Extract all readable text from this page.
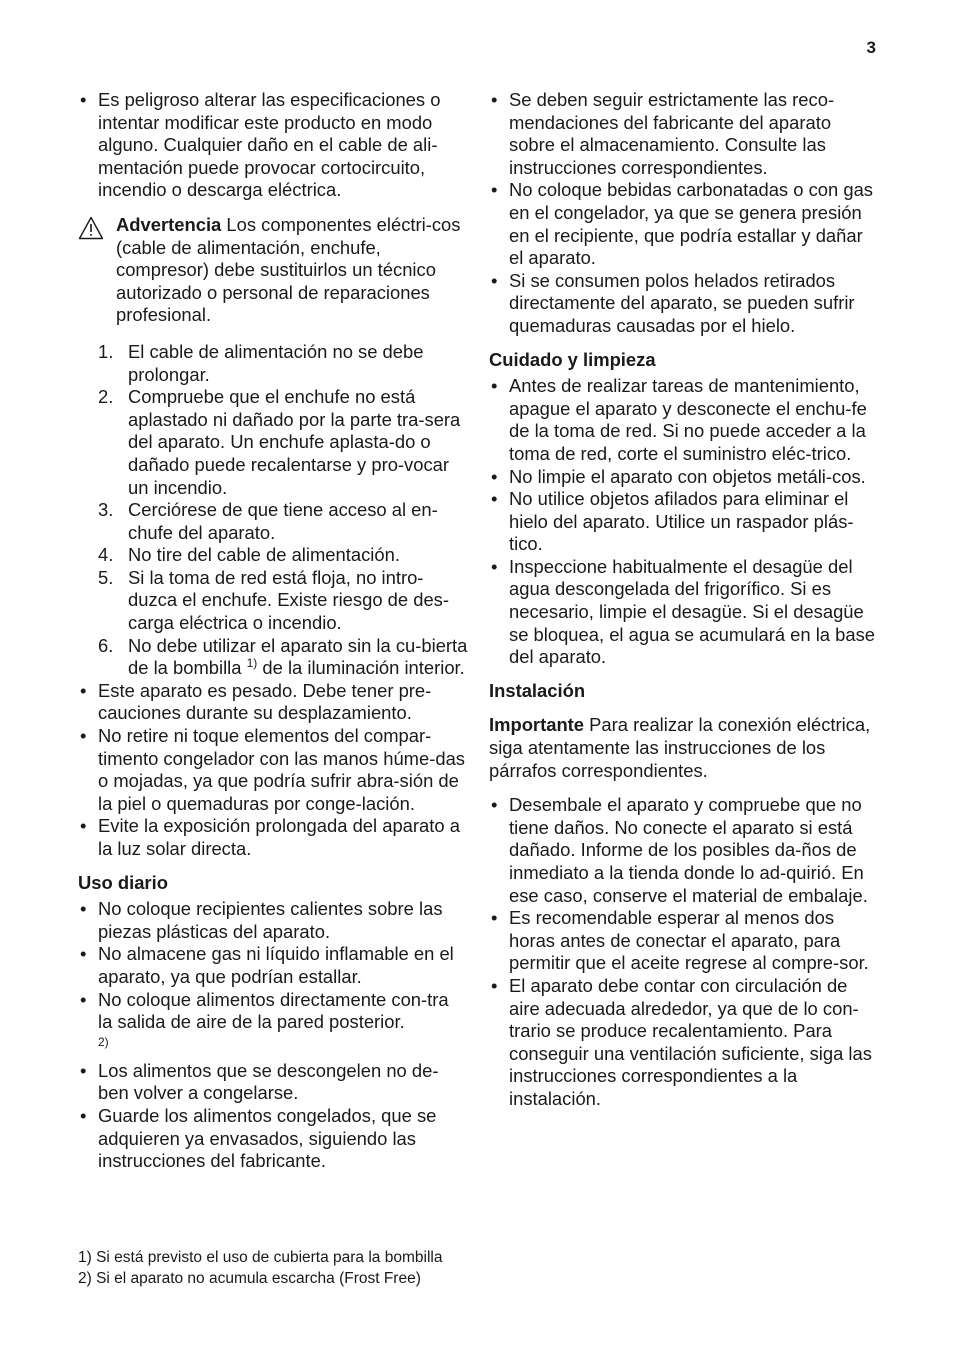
3
• Es peligroso alterar las especificaciones o intentar modificar este producto en modo alguno. Cualquier daño en el cable de ali-mentación puede provocar cortocircuito, incendio o descarga eléctrica.
Advertencia Los componentes eléctri-cos (cable de alimentación, enchufe, compresor) debe sustituirlos un técnico autorizado o personal de reparaciones profesional.
1. El cable de alimentación no se debe prolongar.
2. Compruebe que el enchufe no está aplastado ni dañado por la parte tra-sera del aparato. Un enchufe aplasta-do o dañado puede recalentarse y pro-vocar un incendio.
3. Cerciórese de que tiene acceso al en-chufe del aparato.
4. No tire del cable de alimentación.
5. Si la toma de red está floja, no intro-duzca el enchufe. Existe riesgo de des-carga eléctrica o incendio.
6. No debe utilizar el aparato sin la cu-bierta de la bombilla $^{1)}$ de la iluminación interior.
• Este aparato es pesado. Debe tener pre-cauciones durante su desplazamiento.
• No retire ni toque elementos del compar-timento congelador con las manos húme-das o mojadas, ya que podría sufrir abra-sión de la piel o quemaduras por conge-lación.
• Evite la exposición prolongada del aparato a la luz solar directa.
Uso diario
• No coloque recipientes calientes sobre las piezas plásticas del aparato.
• No almacene gas ni líquido inflamable en el aparato, ya que podrían estallar.
• No coloque alimentos directamente con-tra la salida de aire de la pared posterior.
2)
• Los alimentos que se descongelen no de-ben volver a congelarse.
• Guarde los alimentos congelados, que se adquieren ya envasados, siguiendo las instrucciones del fabricante.
• Se deben seguir estrictamente las reco-mendaciones del fabricante del aparato sobre el almacenamiento. Consulte las instrucciones correspondientes.
• No coloque bebidas carbonatadas o con gas en el congelador, ya que se genera presión en el recipiente, que podría estallar y dañar el aparato.
• Si se consumen polos helados retirados directamente del aparato, se pueden sufrir quemaduras causadas por el hielo.
Cuidado y limpieza
• Antes de realizar tareas de mantenimiento, apague el aparato y desconecte el enchu-fe de la toma de red. Si no puede acceder a la toma de red, corte el suministro eléc-trico.
• No limpie el aparato con objetos metáli-cos.
• No utilice objetos afilados para eliminar el hielo del aparato. Utilice un raspador plás-tico.
• Inspeccione habitualmente el desagüe del agua descongelada del frigorífico. Si es necesario, limpie el desagüe. Si el desagüe se bloquea, el agua se acumulará en la base del aparato.
Instalación

Importante Para realizar la conexión eléctrica, siga atentamente las instrucciones de los párrafos correspondientes.

• Desembale el aparato y compruebe que no tiene daños. No conecte el aparato si está dañado. Informe de los posibles da-ños de inmediato a la tienda donde lo ad-quirió. En ese caso, conserve el material de embalaje.
• Es recomendable esperar al menos dos horas antes de conectar el aparato, para permitir que el aceite regrese al compre-sor.
• El aparato debe contar con circulación de aire adecuada alrededor, ya que de lo con-trario se produce recalentamiento. Para conseguir una ventilación suficiente, siga las instrucciones correspondientes a la instalación.
1) Si está previsto el uso de cubierta para la bombilla
2) Si el aparato no acumula escarcha (Frost Free)
